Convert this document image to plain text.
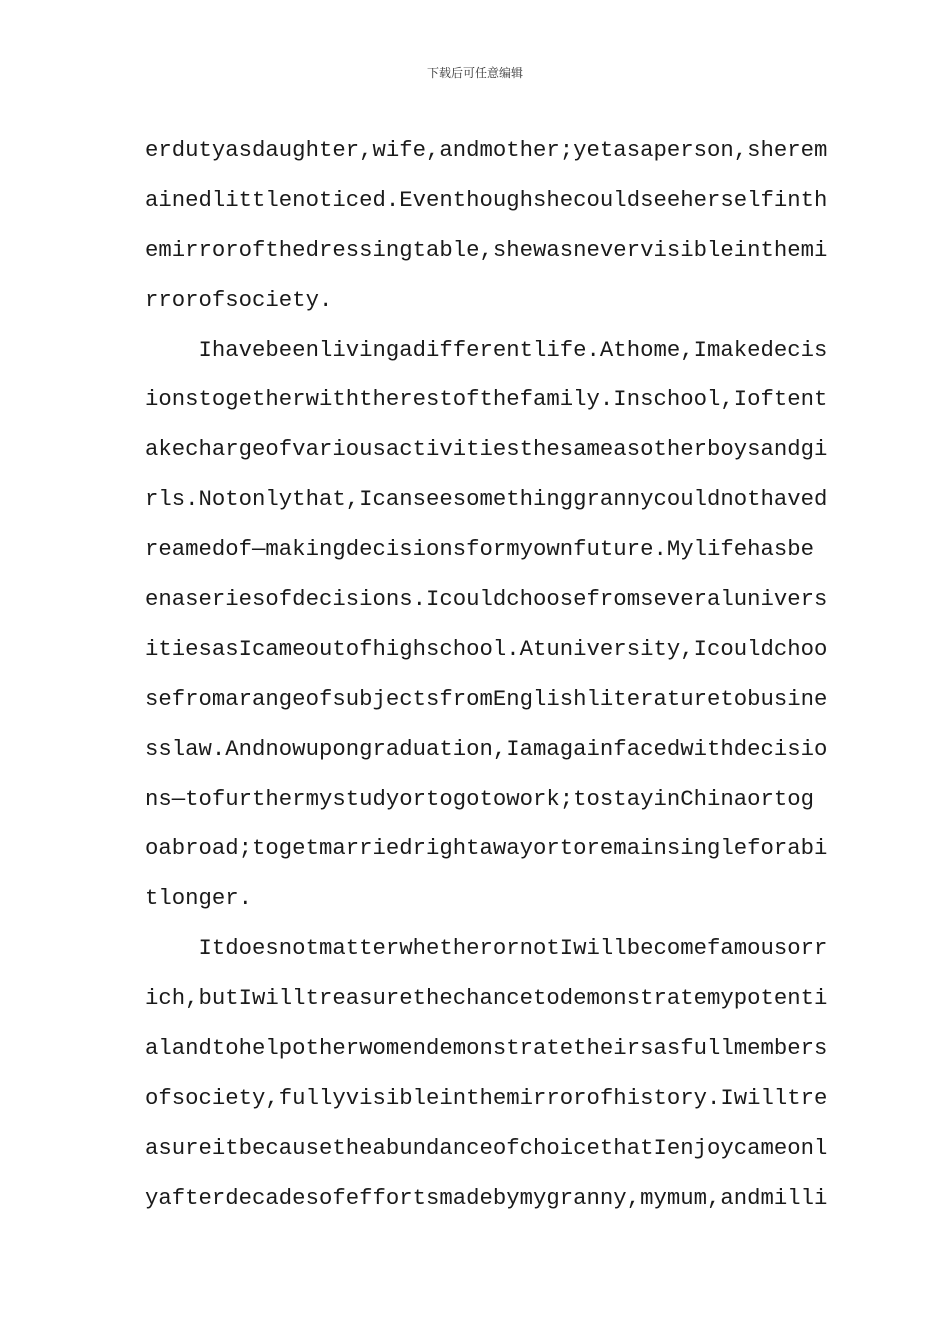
下载后可任意编辑
erdutyasdaughter,wife,andmother;yetasaperson,sherem
ainedlittlenoticed.Eventhoughshecouldseeherselfinth
emirrorofthedressingtable,shewasnevervisibleinthemi
rrorofsociety.
Ihavebeenlivingadifferentlife.Athome,Imakedecis
ionstogetherwiththerestofthefamily.Inschool,Ioftent
akechargeofvariousactivitiesthesameasotherboysandgi
rls.Notonlythat,Icanseesomethinggrannycouldnothaved
reamedof—makingdecisionsformyownfuture.Mylifehasbe
enaseriesofdecisions.Icouldchoosefromseveralunivers
itiesasIcameoutofhighschool.Atuniversity,Icouldchoo
sefromarangeofsubjectsfromEnglishliteraturetobusine
sslaw.Andnowupongraduation,Iamagainfacedwithdecisio
ns—tofurthermystudyortogotowork;tostayinChinaortog
oabroad;togetmarriedrightawayortoremainsingleforabi
tlonger.
ItdoesnotmatterwhetherornotIwillbecomefamousorr
ich,butIwilltreasurethechancetodemonstratemypotenti
alandtohelpotherwomendemonstratetheirsasfullmembers
ofsociety,fullyvisibleinthemirrorofhistory.Iwilltre
asureitbecausetheabundanceofchoicethatIenjoycameonl
yafterdecadesofeffortsmadebymygranny,mymum,andmilli
